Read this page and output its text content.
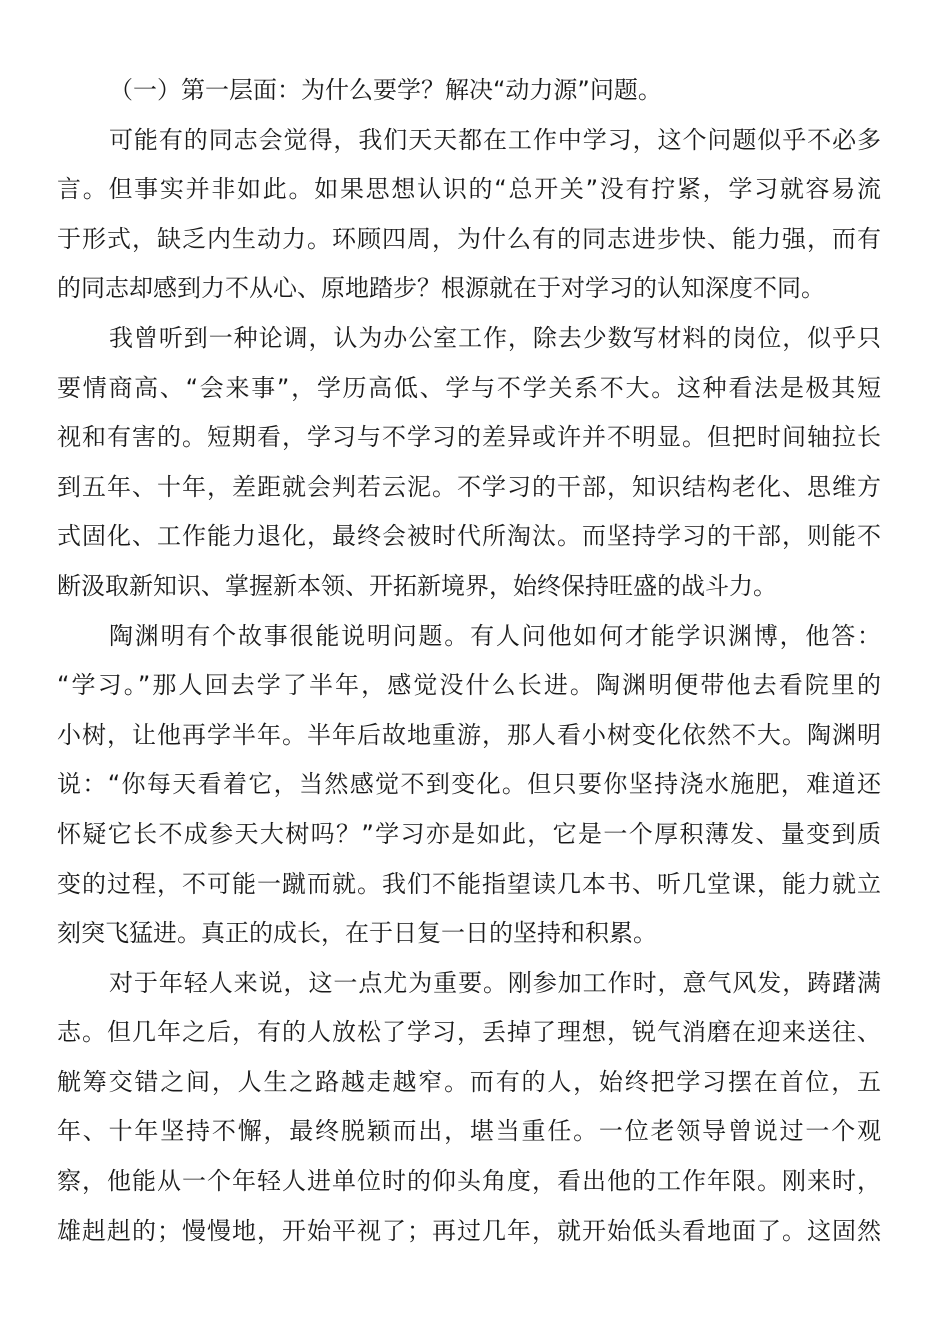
（一）第一层面：为什么要学？解决“动力源”问题。
可能有的同志会觉得，我们天天都在工作中学习，这个问题似乎不必多
言。但事实并非如此。如果思想认识的“总开关”没有拧紧，学习就容易流
于形式，缺乏内生动力。环顾四周，为什么有的同志进步快、能力强，而有
的同志却感到力不从心、原地踏步？根源就在于对学习的认知深度不同。
我曾听到一种论调，认为办公室工作，除去少数写材料的岗位，似乎只
要情商高、“会来事”，学历高低、学与不学关系不大。这种看法是极其短
视和有害的。短期看，学习与不学习的差异或许并不明显。但把时间轴拉长
到五年、十年，差距就会判若云泥。不学习的干部，知识结构老化、思维方
式固化、工作能力退化，最终会被时代所淘汰。而坚持学习的干部，则能不
断汲取新知识、掌握新本领、开拓新境界，始终保持旺盛的战斗力。
陶渊明有个故事很能说明问题。有人问他如何才能学识渊博，他答：
“学习。”那人回去学了半年，感觉没什么长进。陶渊明便带他去看院里的
小树，让他再学半年。半年后故地重游，那人看小树变化依然不大。陶渊明
说：“你每天看着它，当然感觉不到变化。但只要你坚持浇水施肥，难道还
怀疑它长不成参天大树吗？”学习亦是如此，它是一个厚积薄发、量变到质
变的过程，不可能一蹴而就。我们不能指望读几本书、听几堂课，能力就立
刻突飞猛进。真正的成长，在于日复一日的坚持和积累。
对于年轻人来说，这一点尤为重要。刚参加工作时，意气风发，踌躇满
志。但几年之后，有的人放松了学习，丢掉了理想，锐气消磨在迎来送往、
觥筹交错之间，人生之路越走越窄。而有的人，始终把学习摆在首位，五
年、十年坚持不懈，最终脱颖而出，堪当重任。一位老领导曾说过一个观
察，他能从一个年轻人进单位时的仰头角度，看出他的工作年限。刚来时，
雄赳赳的；慢慢地，开始平视了；再过几年，就开始低头看地面了。这固然
